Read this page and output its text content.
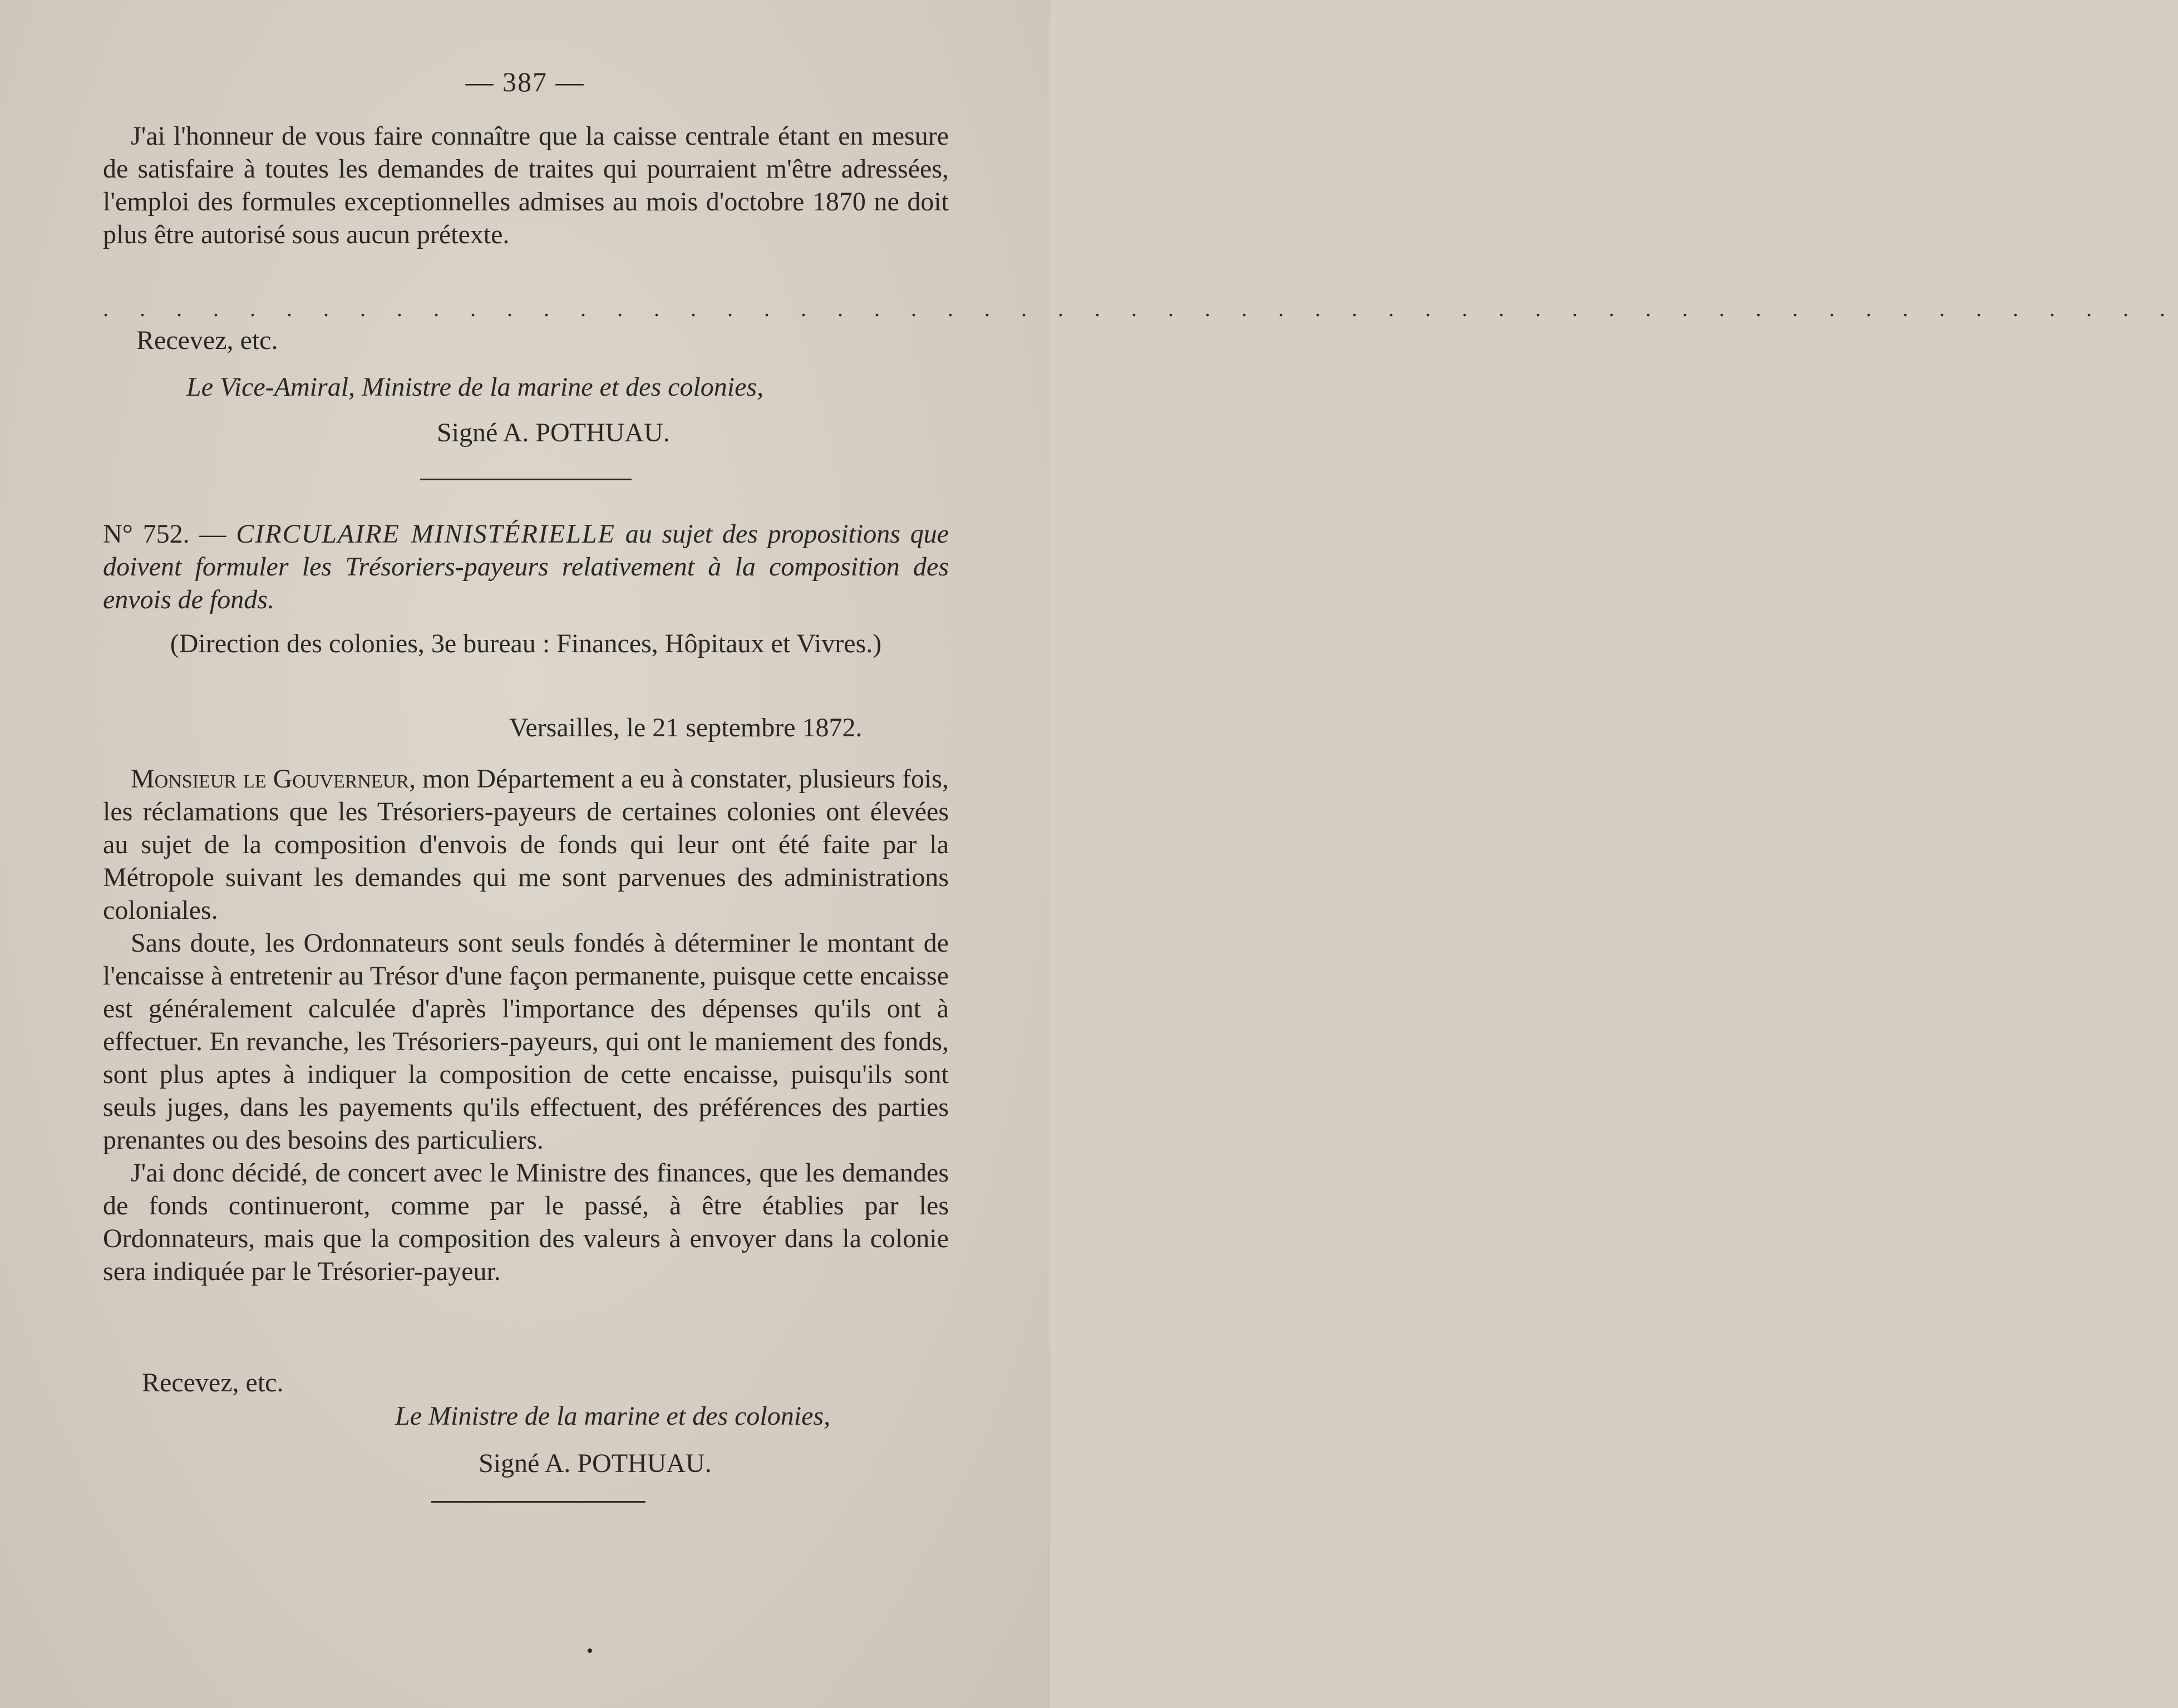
— 387 —
J'ai l'honneur de vous faire connaître que la caisse centrale étant en mesure de satisfaire à toutes les demandes de traites qui pourraient m'être adressées, l'emploi des formules exceptionnelles admises au mois d'octobre 1870 ne doit plus être autorisé sous aucun prétexte.
. . . . . . . . . . . . . . . . . . . . . . . . . . . . . . . . . . . . . . . . . . . . . . . . . . . . . . . . .
Recevez, etc.
Le Vice-Amiral, Ministre de la marine et des colonies,
Signé A. POTHUAU.
N° 752. — CIRCULAIRE MINISTÉRIELLE au sujet des propositions que doivent formuler les Trésoriers-payeurs relativement à la composition des envois de fonds.
(Direction des colonies, 3e bureau : Finances, Hôpitaux et Vivres.)
Versailles, le 21 septembre 1872.
Monsieur le Gouverneur, mon Département a eu à constater, plusieurs fois, les réclamations que les Trésoriers-payeurs de certaines colonies ont élevées au sujet de la composition d'envois de fonds qui leur ont été faite par la Métropole suivant les demandes qui me sont parvenues des administrations coloniales.
Sans doute, les Ordonnateurs sont seuls fondés à déterminer le montant de l'encaisse à entretenir au Trésor d'une façon permanente, puisque cette encaisse est généralement calculée d'après l'importance des dépenses qu'ils ont à effectuer. En revanche, les Trésoriers-payeurs, qui ont le maniement des fonds, sont plus aptes à indiquer la composition de cette encaisse, puisqu'ils sont seuls juges, dans les payements qu'ils effectuent, des préférences des parties prenantes ou des besoins des particuliers.
J'ai donc décidé, de concert avec le Ministre des finances, que les demandes de fonds continueront, comme par le passé, à être établies par les Ordonnateurs, mais que la composition des valeurs à envoyer dans la colonie sera indiquée par le Trésorier-payeur.
Recevez, etc.
Le Ministre de la marine et des colonies,
Signé A. POTHUAU.
